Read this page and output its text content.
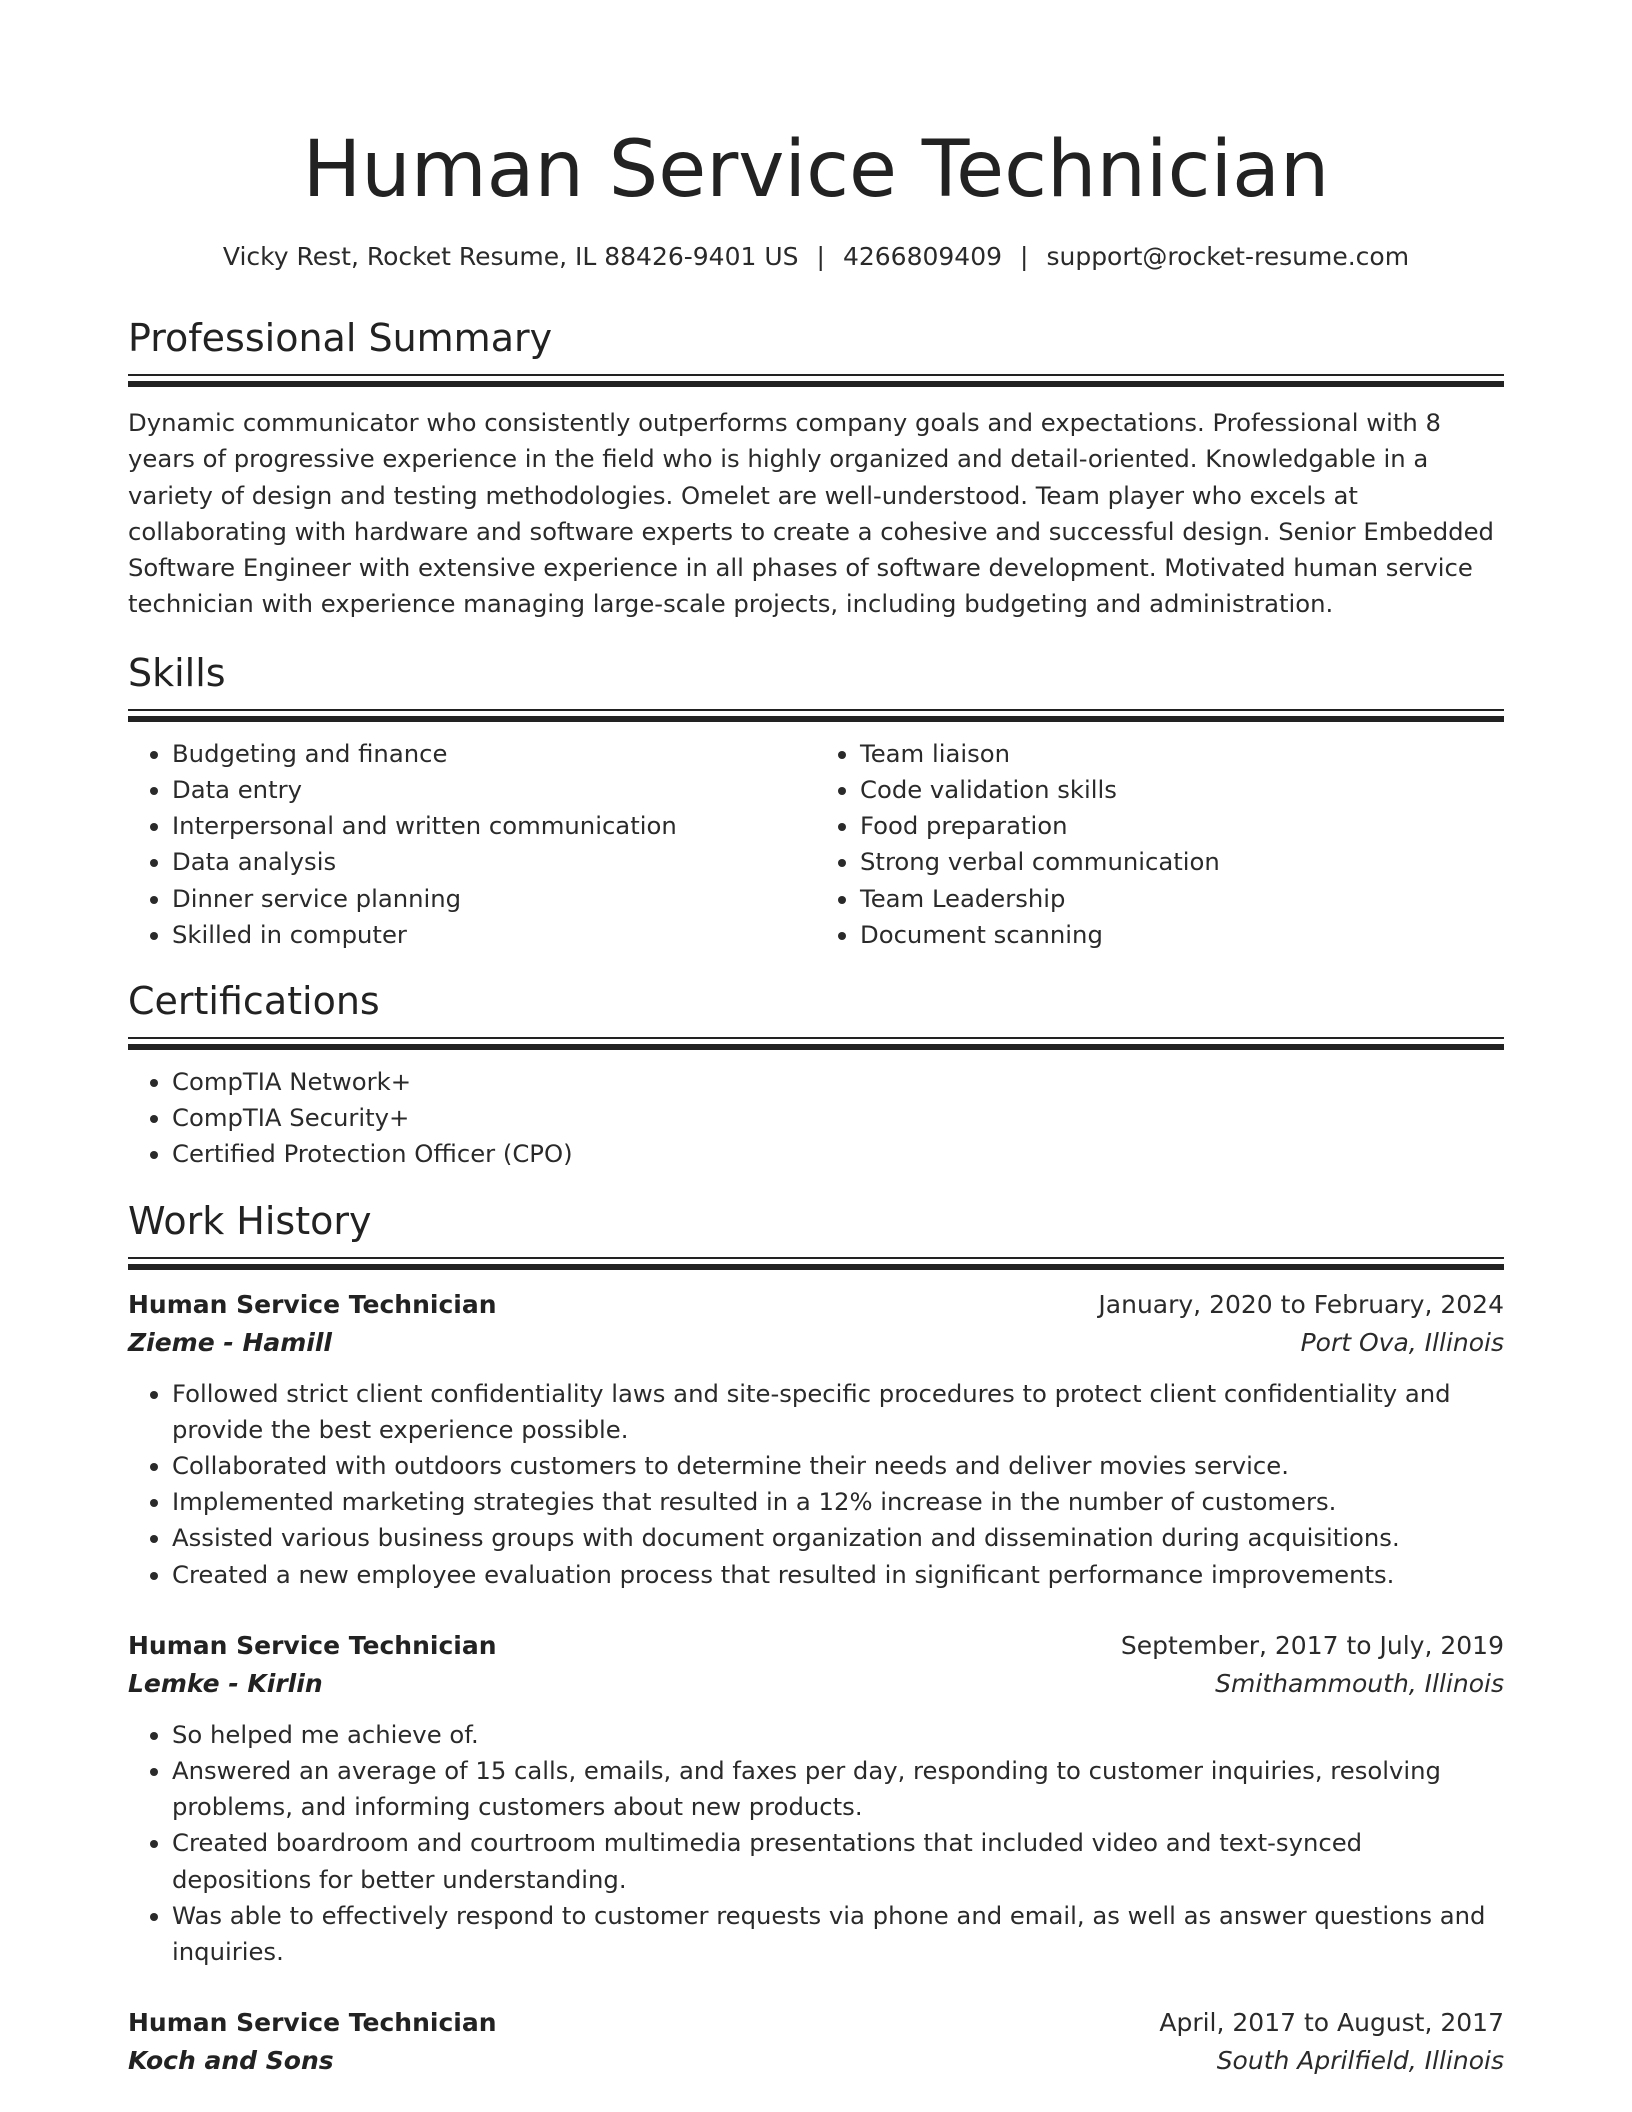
Human Service Technician
Vicky Rest, Rocket Resume, IL 88426-9401 US | 4266809409 | support@rocket-resume.com
Professional Summary
Dynamic communicator who consistently outperforms company goals and expectations. Professional with 8 years of progressive experience in the field who is highly organized and detail-oriented. Knowledgable in a variety of design and testing methodologies. Omelet are well-understood. Team player who excels at collaborating with hardware and software experts to create a cohesive and successful design. Senior Embedded Software Engineer with extensive experience in all phases of software development. Motivated human service technician with experience managing large-scale projects, including budgeting and administration.
Skills
• Budgeting and finance
• Data entry
• Interpersonal and written communication
• Data analysis
• Dinner service planning
• Skilled in computer
• Team liaison
• Code validation skills
• Food preparation
• Strong verbal communication
• Team Leadership
• Document scanning
Certifications
• CompTIA Network+
• CompTIA Security+
• Certified Protection Officer (CPO)
Work History
Human Service Technician	January, 2020 to February, 2024
Zieme - Hamill	Port Ova, Illinois
• Followed strict client confidentiality laws and site-specific procedures to protect client confidentiality and provide the best experience possible.
• Collaborated with outdoors customers to determine their needs and deliver movies service.
• Implemented marketing strategies that resulted in a 12% increase in the number of customers.
• Assisted various business groups with document organization and dissemination during acquisitions.
• Created a new employee evaluation process that resulted in significant performance improvements.
Human Service Technician	September, 2017 to July, 2019
Lemke - Kirlin	Smithammouth, Illinois
• So helped me achieve of.
• Answered an average of 15 calls, emails, and faxes per day, responding to customer inquiries, resolving problems, and informing customers about new products.
• Created boardroom and courtroom multimedia presentations that included video and text-synced depositions for better understanding.
• Was able to effectively respond to customer requests via phone and email, as well as answer questions and inquiries.
Human Service Technician	April, 2017 to August, 2017
Koch and Sons	South Aprilfield, Illinois
